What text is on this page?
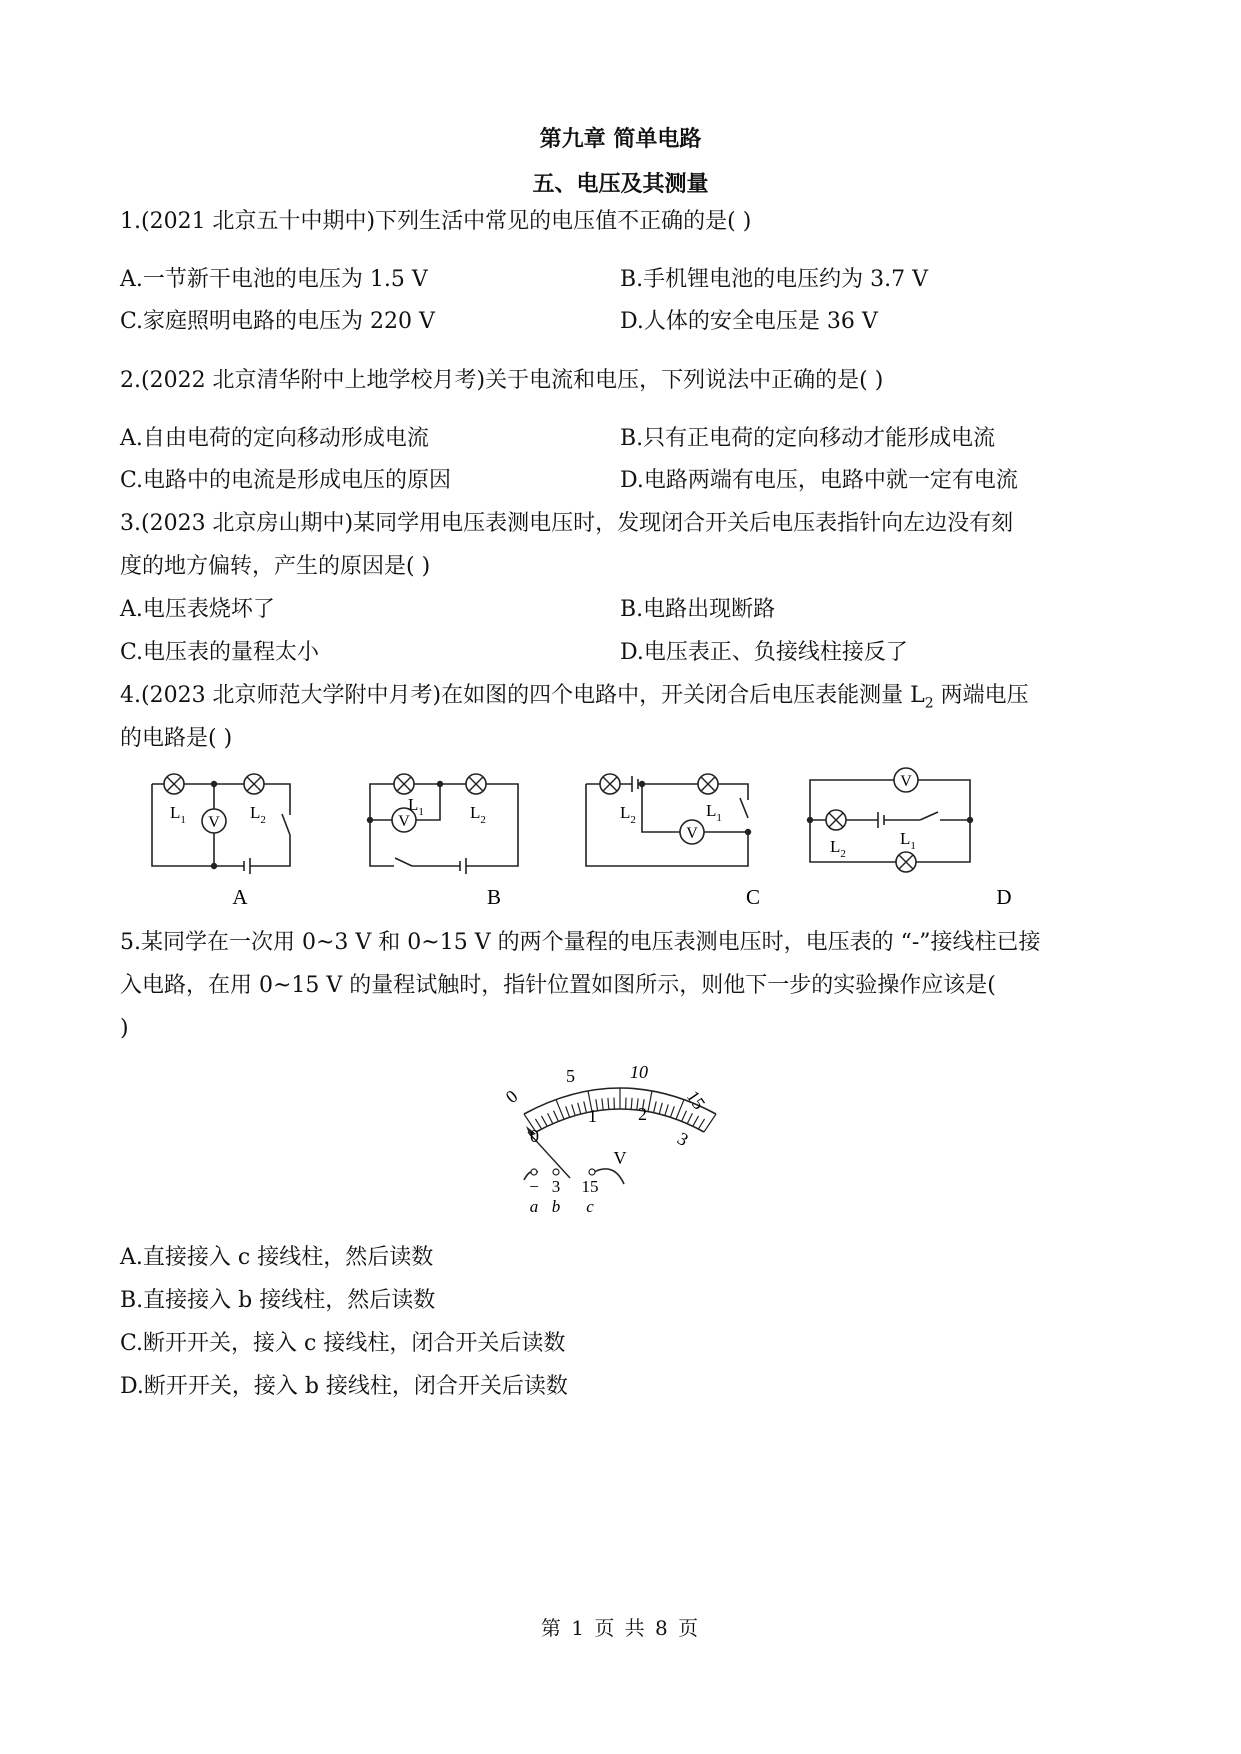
第九章 简单电路
五、电压及其测量
1.(2021 北京五十中期中)下列生活中常见的电压值不正确的是( )
A.一节新干电池的电压为 1.5 V	B.手机锂电池的电压约为 3.7 V
C.家庭照明电路的电压为 220 V	D.人体的安全电压是 36 V
2.(2022 北京清华附中上地学校月考)关于电流和电压，下列说法中正确的是( )
A.自由电荷的定向移动形成电流	B.只有正电荷的定向移动才能形成电流
C.电路中的电流是形成电压的原因	D.电路两端有电压，电路中就一定有电流
3.(2023 北京房山期中)某同学用电压表测电压时，发现闭合开关后电压表指针向左边没有刻
度的地方偏转，产生的原因是( )
A.电压表烧坏了	B.电路出现断路
C.电压表的量程太小	D.电压表正、负接线柱接反了
4.(2023 北京师范大学附中月考)在如图的四个电路中，开关闭合后电压表能测量 $L_2$ 两端电压
的电路是( )
V	V
V
V
$L_1$	$L_2$
$L_1$	$L_2$	$L_2$	$L_1$
$L_2$
$L_1$
A	B	C	D
5.某同学在一次用 0~3 V 和 0~15 V 的两个量程的电压表测电压时，电压表的 “-”接线柱已接
入电路，在用 0~15 V 的量程试触时，指针位置如图所示，则他下一步的实验操作应该是(
)
0
5	10
15
0
1 2
3
V
− 3 15
a b c
A.直接接入 c 接线柱，然后读数
B.直接接入 b 接线柱，然后读数
C.断开开关，接入 c 接线柱，闭合开关后读数
D.断开开关，接入 b 接线柱，闭合开关后读数
第 1 页 共 8 页
